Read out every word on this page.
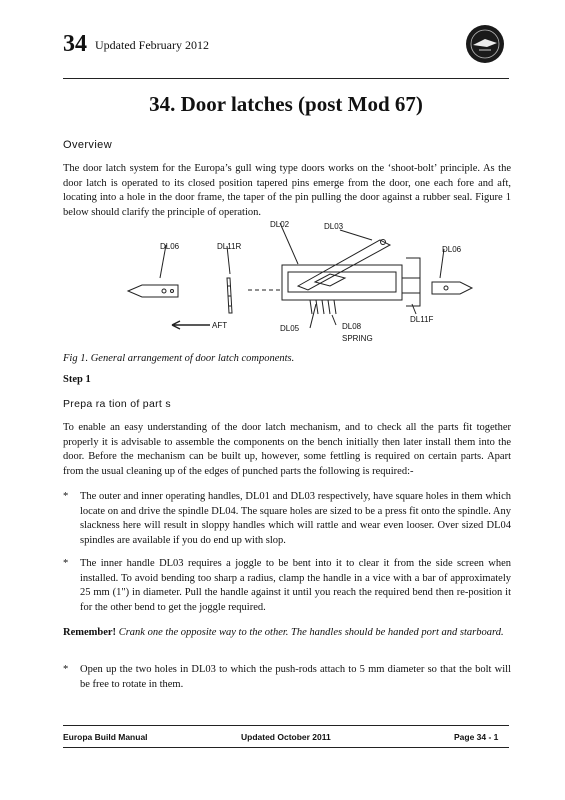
34 Updated February 2012
34. Door latches (post Mod 67)
Overview

The door latch system for the Europa’s gull wing type doors works on the ‘shoot-bolt’ principle. As the door latch is operated to its closed position tapered pins emerge from the door, one each fore and aft, locating into a hole in the door frame, the taper of the pin pulling the door against a rubber seal. Figure 1 below should clarify the principle of operation.

DL02	DL03
DL06	DL11R	DL06
DL11F
AFT	DL05	DL08
SPRING
Fig 1. General arrangement of door latch components.
Step 1
Prepa ra tion of part s

To enable an easy understanding of the door latch mechanism, and to check all the parts fit together properly it is advisable to assemble the components on the bench initially then later install them into the door. Before the mechanism can be built up, however, some fettling is required on certain parts. Apart from the usual cleaning up of the edges of punched parts the following is required:-

* The outer and inner operating handles, DL01 and DL03 respectively, have square holes in them which locate on and drive the spindle DL04. The square holes are sized to be a press fit onto the spindle. Any slackness here will result in sloppy handles which will rattle and wear even looser. Over sized DL04 spindles are available if you do end up with slop.

* The inner handle DL03 requires a joggle to be bent into it to clear it from the side screen when installed. To avoid bending too sharp a radius, clamp the handle in a vice with a bar of approximately 25 mm (1") in diameter. Pull the handle against it until you reach the required bend then re-position it for the other bend to get the joggle required.

Remember! Crank one the opposite way to the other. The handles should be handed port and starboard.

* Open up the two holes in DL03 to which the push-rods attach to 5 mm diameter so that the bolt will be free to rotate in them.

Europa Build Manual	Updated October 2011	Page 34 - 1
